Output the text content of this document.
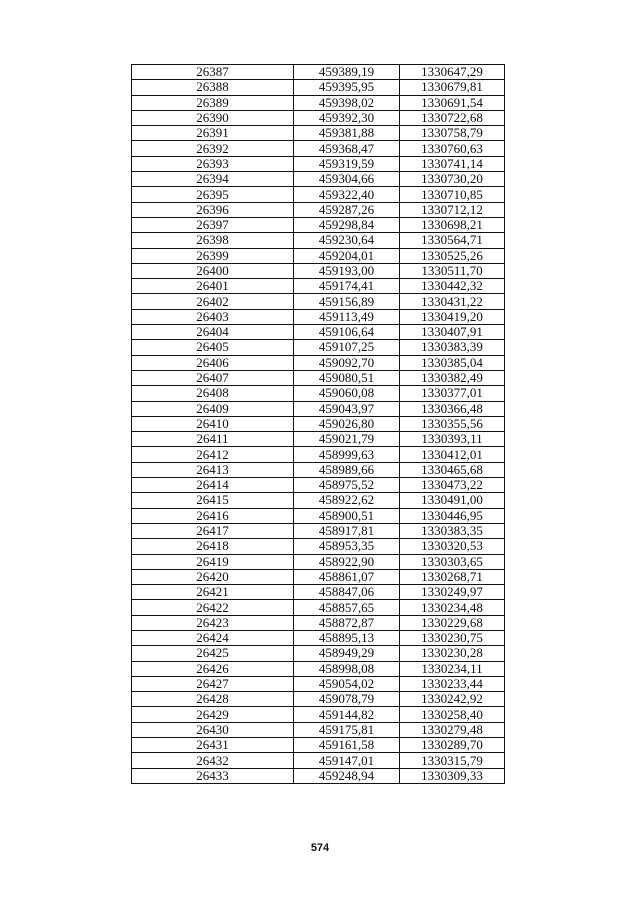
26387	459389,19	1330647,29
26388	459395,95	1330679,81
26389	459398,02	1330691,54
26390	459392,30	1330722,68
26391	459381,88	1330758,79
26392	459368,47	1330760,63
26393	459319,59	1330741,14
26394	459304,66	1330730,20
26395	459322,40	1330710,85
26396	459287,26	1330712,12
26397	459298,84	1330698,21
26398	459230,64	1330564,71
26399	459204,01	1330525,26
26400	459193,00	1330511,70
26401	459174,41	1330442,32
26402	459156,89	1330431,22
26403	459113,49	1330419,20
26404	459106,64	1330407,91
26405	459107,25	1330383,39
26406	459092,70	1330385,04
26407	459080,51	1330382,49
26408	459060,08	1330377,01
26409	459043,97	1330366,48
26410	459026,80	1330355,56
26411	459021,79	1330393,11
26412	458999,63	1330412,01
26413	458989,66	1330465,68
26414	458975,52	1330473,22
26415	458922,62	1330491,00
26416	458900,51	1330446,95
26417	458917,81	1330383,35
26418	458953,35	1330320,53
26419	458922,90	1330303,65
26420	458861,07	1330268,71
26421	458847,06	1330249,97
26422	458857,65	1330234,48
26423	458872,87	1330229,68
26424	458895,13	1330230,75
26425	458949,29	1330230,28
26426	458998,08	1330234,11
26427	459054,02	1330233,44
26428	459078,79	1330242,92
26429	459144,82	1330258,40
26430	459175,81	1330279,48
26431	459161,58	1330289,70
26432	459147,01	1330315,79
26433	459248,94	1330309,33
574
